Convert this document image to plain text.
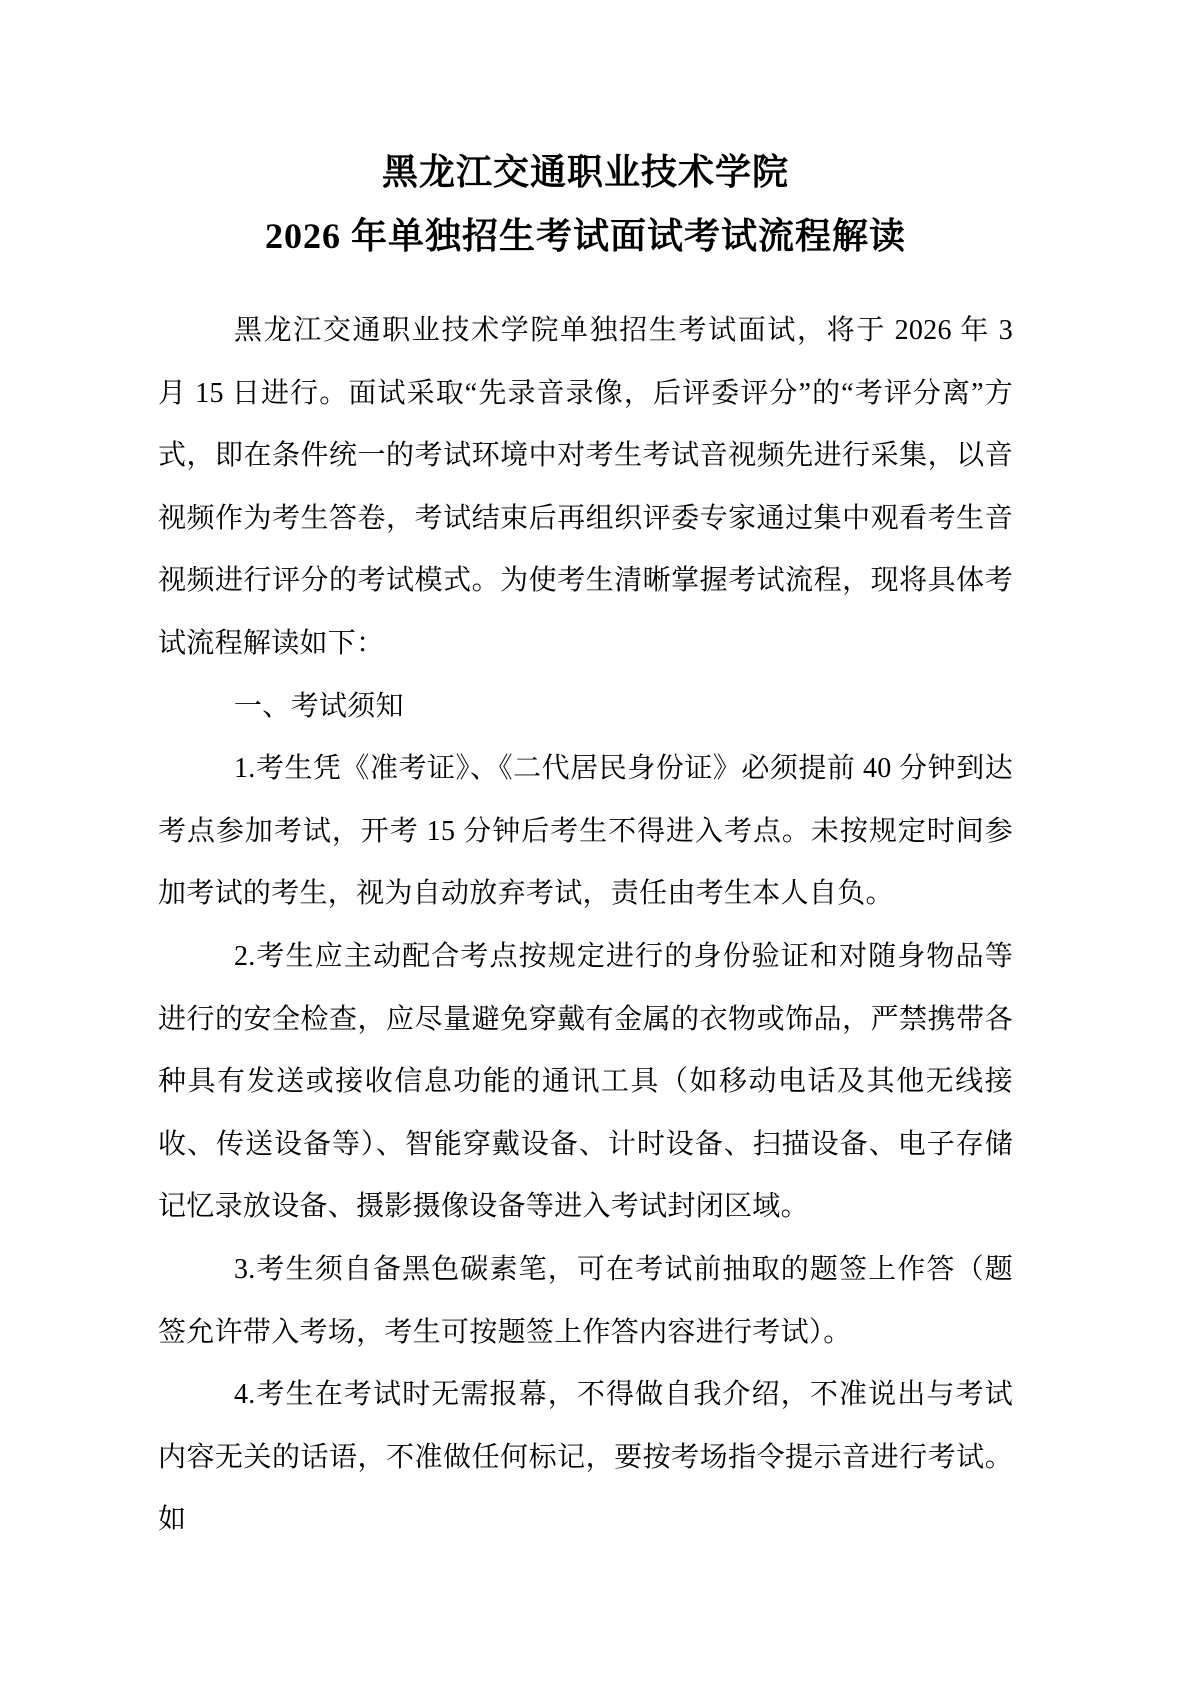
黑龙江交通职业技术学院
2026 年单独招生考试面试考试流程解读

黑龙江交通职业技术学院单独招生考试面试，将于 2026 年 3 月 15 日进行。面试采取“先录音录像，后评委评分”的“考评分离”方式，即在条件统一的考试环境中对考生考试音视频先进行采集，以音视频作为考生答卷，考试结束后再组织评委专家通过集中观看考生音视频进行评分的考试模式。为使考生清晰掌握考试流程，现将具体考试流程解读如下：

一、考试须知

1.考生凭《准考证》、《二代居民身份证》必须提前 40 分钟到达考点参加考试，开考 15 分钟后考生不得进入考点。未按规定时间参加考试的考生，视为自动放弃考试，责任由考生本人自负。

2.考生应主动配合考点按规定进行的身份验证和对随身物品等进行的安全检查，应尽量避免穿戴有金属的衣物或饰品，严禁携带各种具有发送或接收信息功能的通讯工具（如移动电话及其他无线接收、传送设备等）、智能穿戴设备、计时设备、扫描设备、电子存储记忆录放设备、摄影摄像设备等进入考试封闭区域。

3.考生须自备黑色碳素笔，可在考试前抽取的题签上作答（题签允许带入考场，考生可按题签上作答内容进行考试）。

4.考生在考试时无需报幕，不得做自我介绍，不准说出与考试内容无关的话语，不准做任何标记，要按考场指令提示音进行考试。如
